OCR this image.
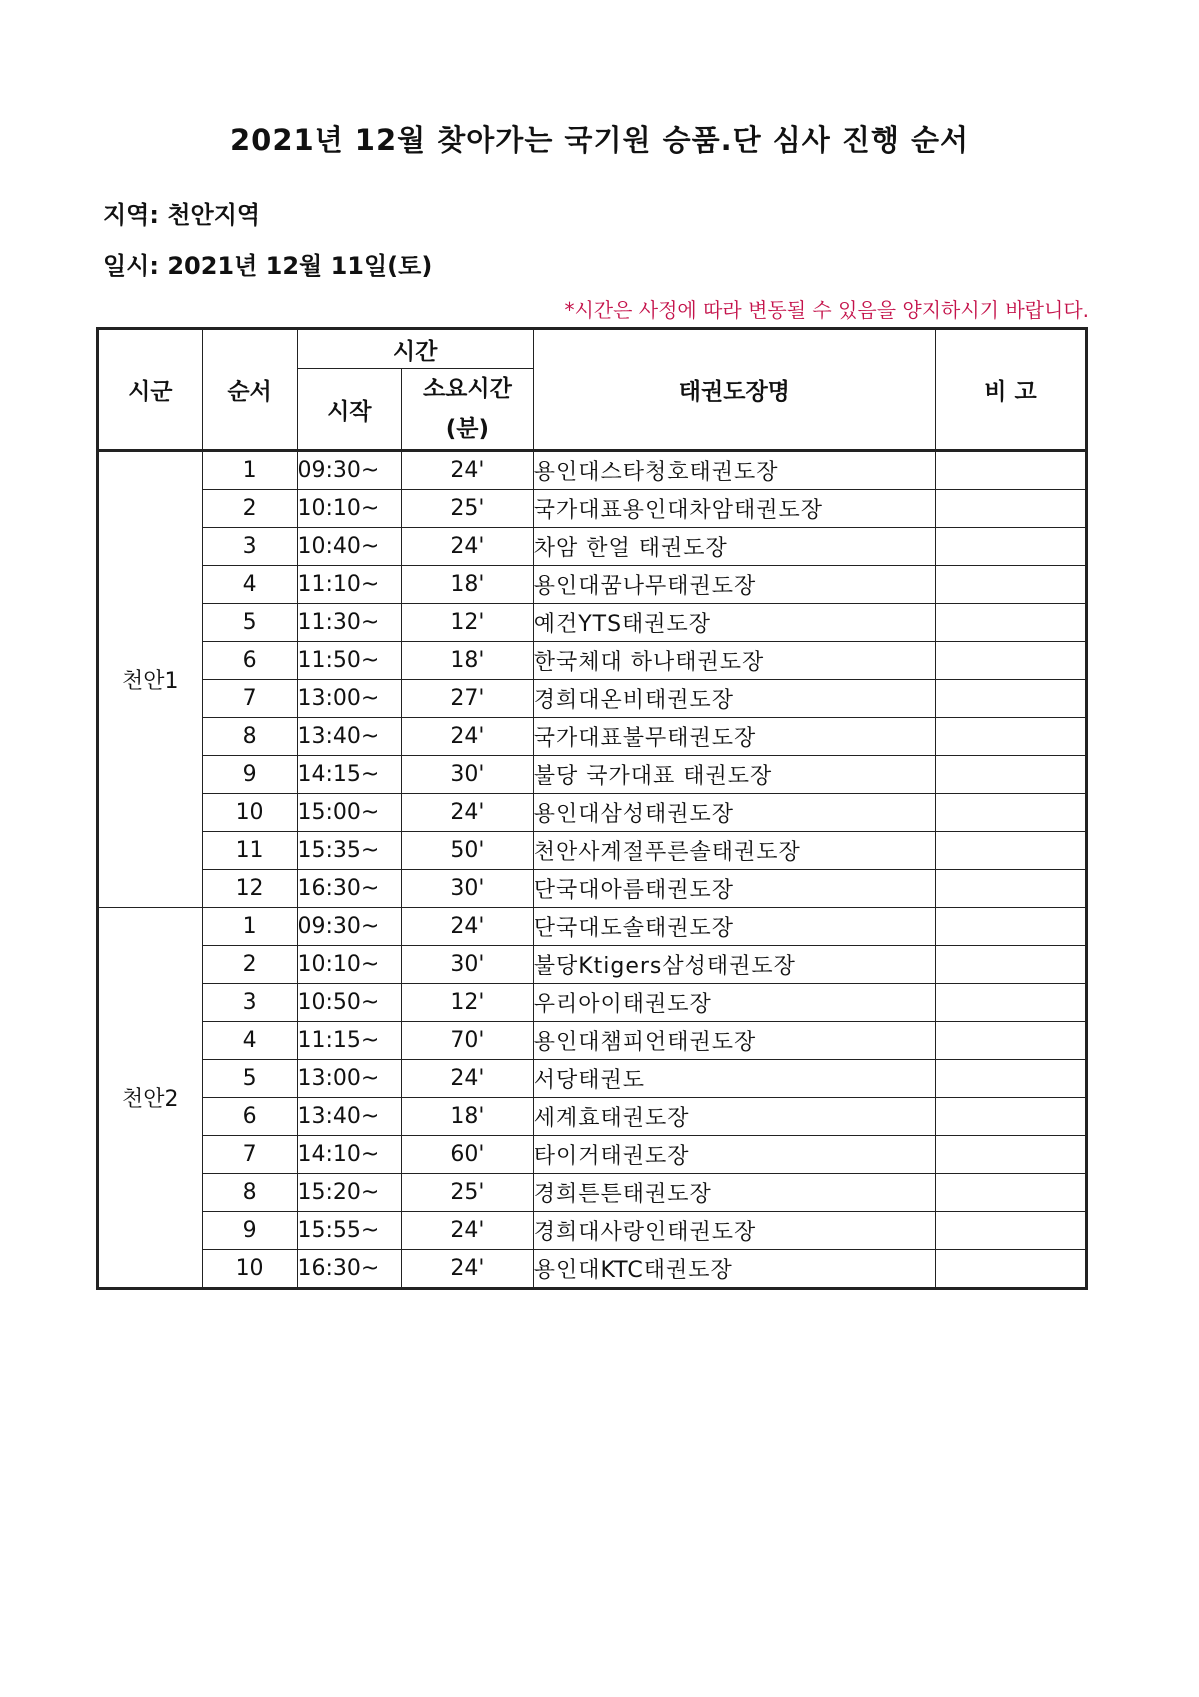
2021년 12월 찾아가는 국기원 승품.단 심사 진행 순서
지역: 천안지역
일시: 2021년 12월 11일(토)
*시간은 사정에 따라 변동될 수 있음을 양지하시기 바랍니다.
시군	순서	시간		태권도장명	비 고
		시작	소요시간
(분)		

천안1	1	09:30~	24'	용인대스타청호태권도장	
	2	10:10~	25'	국가대표용인대차암태권도장	
	3	10:40~	24'	차암 한얼 태권도장	
	4	11:10~	18'	용인대꿈나무태권도장	
	5	11:30~	12'	예건YTS태권도장	
	6	11:50~	18'	한국체대 하나태권도장	
	7	13:00~	27'	경희대온비태권도장	
	8	13:40~	24'	국가대표불무태권도장	
	9	14:15~	30'	불당 국가대표 태권도장	
	10	15:00~	24'	용인대삼성태권도장	
	11	15:35~	50'	천안사계절푸른솔태권도장	
	12	16:30~	30'	단국대아름태권도장	
천안2	1	09:30~	24'	단국대도솔태권도장	
	2	10:10~	30'	불당Ktigers삼성태권도장	
	3	10:50~	12'	우리아이태권도장	
	4	11:15~	70'	용인대챔피언태권도장	
	5	13:00~	24'	서당태권도	
	6	13:40~	18'	세계효태권도장	
	7	14:10~	60'	타이거태권도장	
	8	15:20~	25'	경희튼튼태권도장	
	9	15:55~	24'	경희대사랑인태권도장	
	10	16:30~	24'	용인대KTC태권도장	
